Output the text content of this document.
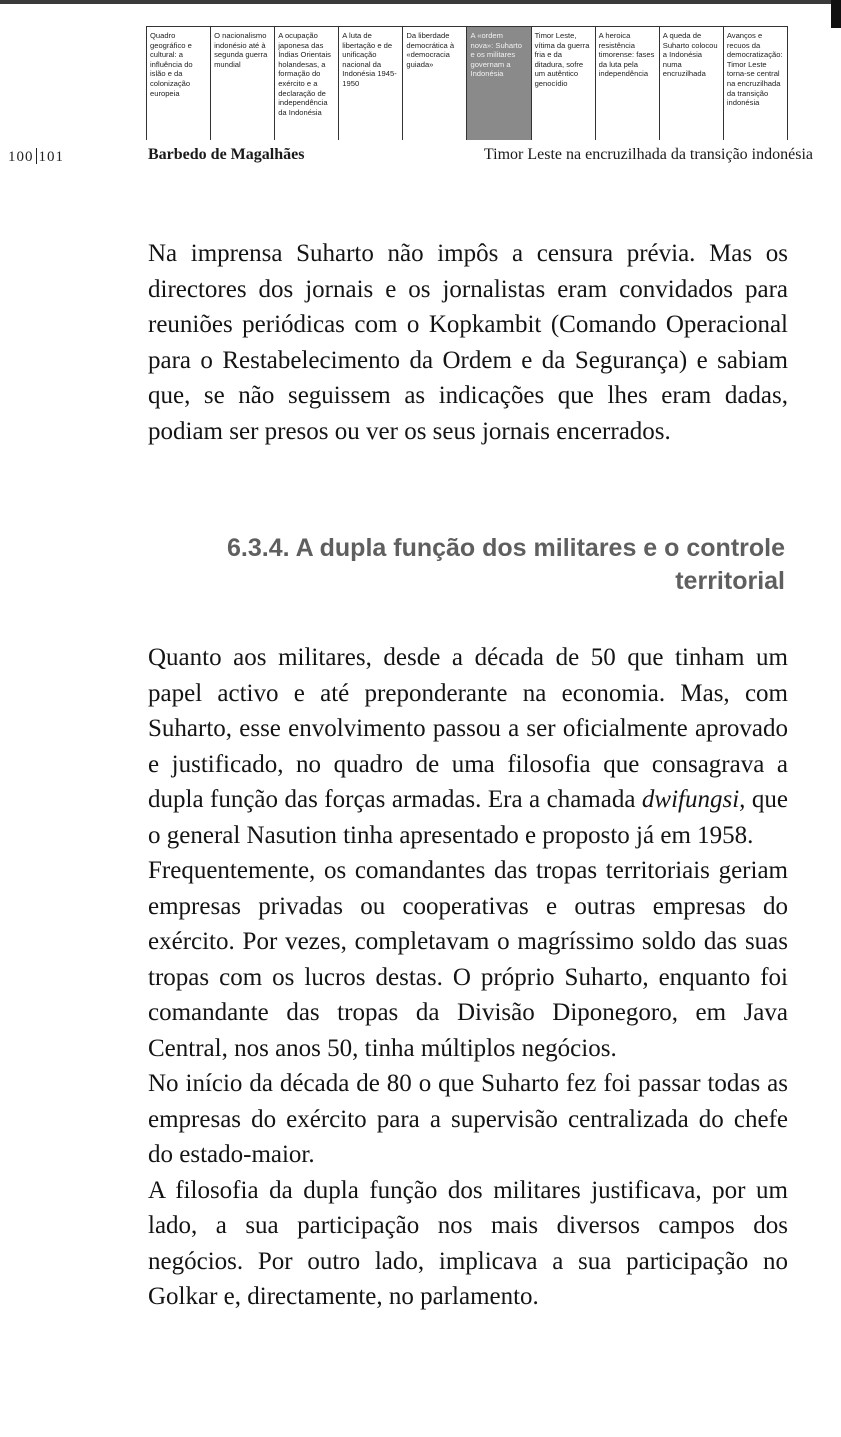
Quadro geográfico e cultural: a influência do islão e da colonização europeia
O nacionalismo indonésio até à segunda guerra mundial
A ocupação japonesa das Índias Orientais holandesas, a formação do exército e a declaração de independência da Indonésia
A luta de libertação e de unificação nacional da Indonésia 1945-1950
Da liberdade democrática à «democracia guiada»
A «ordem nova»: Suharto e os militares governam a Indonésia
Timor Leste, vítima da guerra fria e da ditadura, sofre um autêntico genocídio
A heroica resistência timorense: fases da luta pela independência
A queda de Suharto colocou a Indonésia numa encruzilhada
Avanços e recuos da democratização: Timor Leste torna-se central na encruzilhada da transição indonésia
100 101	Barbedo de Magalhães	Timor Leste na encruzilhada da transição indonésia

Na imprensa Suharto não impôs a censura prévia. Mas os directores dos jornais e os jornalistas eram convidados para reuniões periódicas com o Kopkambit (Comando Operacional para o Restabelecimento da Ordem e da Segurança) e sabiam que, se não seguissem as indicações que lhes eram dadas, podiam ser presos ou ver os seus jornais encerrados.

6.3.4. A dupla função dos militares e o controle territorial

Quanto aos militares, desde a década de 50 que tinham um papel activo e até preponderante na economia. Mas, com Suharto, esse envolvimento passou a ser oficialmente aprovado e justificado, no quadro de uma filosofia que consagrava a dupla função das forças armadas. Era a chamada dwifungsi, que o general Nasution tinha apresentado e proposto já em 1958.

Frequentemente, os comandantes das tropas territoriais geriam empresas privadas ou cooperativas e outras empresas do exército. Por vezes, completavam o magríssimo soldo das suas tropas com os lucros destas. O próprio Suharto, enquanto foi comandante das tropas da Divisão Diponegoro, em Java Central, nos anos 50, tinha múltiplos negócios.

No início da década de 80 o que Suharto fez foi passar todas as empresas do exército para a supervisão centralizada do chefe do estado-maior.

A filosofia da dupla função dos militares justificava, por um lado, a sua participação nos mais diversos campos dos negócios. Por outro lado, implicava a sua participação no Golkar e, directamente, no parlamento.
